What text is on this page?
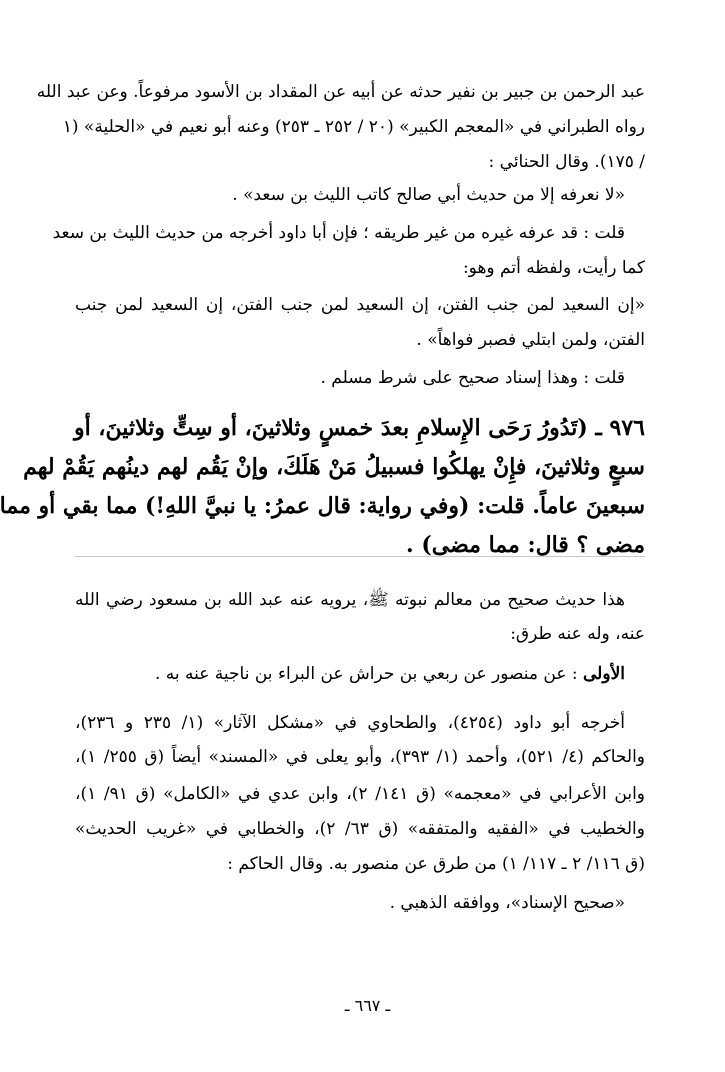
عبد الرحمن بن جبير بن نفير حدثه عن أبيه عن المقداد بن الأسود مرفوعاً. وعن عبد الله
رواه الطبراني في «المعجم الكبير» (٢٠ / ٢٥٢ ـ ٢٥٣) وعنه أبو نعيم في «الحلية» (١
/ ١٧٥). وقال الحنائي :
«لا نعرفه إلا من حديث أبي صالح كاتب الليث بن سعد» .
قلت : قد عرفه غيره من غير طريقه ؛ فإن أبا داود أخرجه من حديث الليث بن سعد
كما رأيت، ولفظه أتم وهو:
«إن السعيد لمن جنب الفتن، إن السعيد لمن جنب الفتن، إن السعيد لمن جنب
الفتن، ولمن ابتلي فصبر فواهاً» .
قلت : وهذا إسناد صحيح على شرط مسلم .
٩٧٦ ـ (تَدُورُ رَحَى الإِسلامِ بعدَ خمسٍ وثلاثينَ، أو سِتٍّ وثلاثينَ، أو
سبعٍ وثلاثينَ، فإِنْ يهلكُوا فسبيلُ مَنْ هَلَكَ، وإنْ يَقُم لهم دينُهم يَقُمْ لهم
سبعينَ عاماً. قلت: (وفي رواية: قال عمرُ: يا نبيَّ اللهِ!) مما بقي أو مما
مضى ؟ قال: مما مضى) .
هذا حديث صحيح من معالم نبوته ﷺ، يرويه عنه عبد الله بن مسعود رضي الله
عنه، وله عنه طرق:
الأولى : عن منصور عن ربعي بن حراش عن البراء بن ناجية عنه به .
أخرجه أبو داود (٤٢٥٤)، والطحاوي في «مشكل الآثار» (١/ ٢٣٥ و ٢٣٦)،
والحاكم (٤/ ٥٢١)، وأحمد (١/ ٣٩٣)، وأبو يعلى في «المسند» أيضاً (ق ٢٥٥/ ١)،
وابن الأعرابي في «معجمه» (ق ١٤١/ ٢)، وابن عدي في «الكامل» (ق ٩١/ ١)،
والخطيب في «الفقيه والمتفقه» (ق ٦٣/ ٢)، والخطابي في «غريب الحديث»
(ق ١١٦/ ٢ ـ ١١٧/ ١) من طرق عن منصور به. وقال الحاكم :
«صحيح الإسناد»، ووافقه الذهبي .
ـ ٦٦٧ ـ
